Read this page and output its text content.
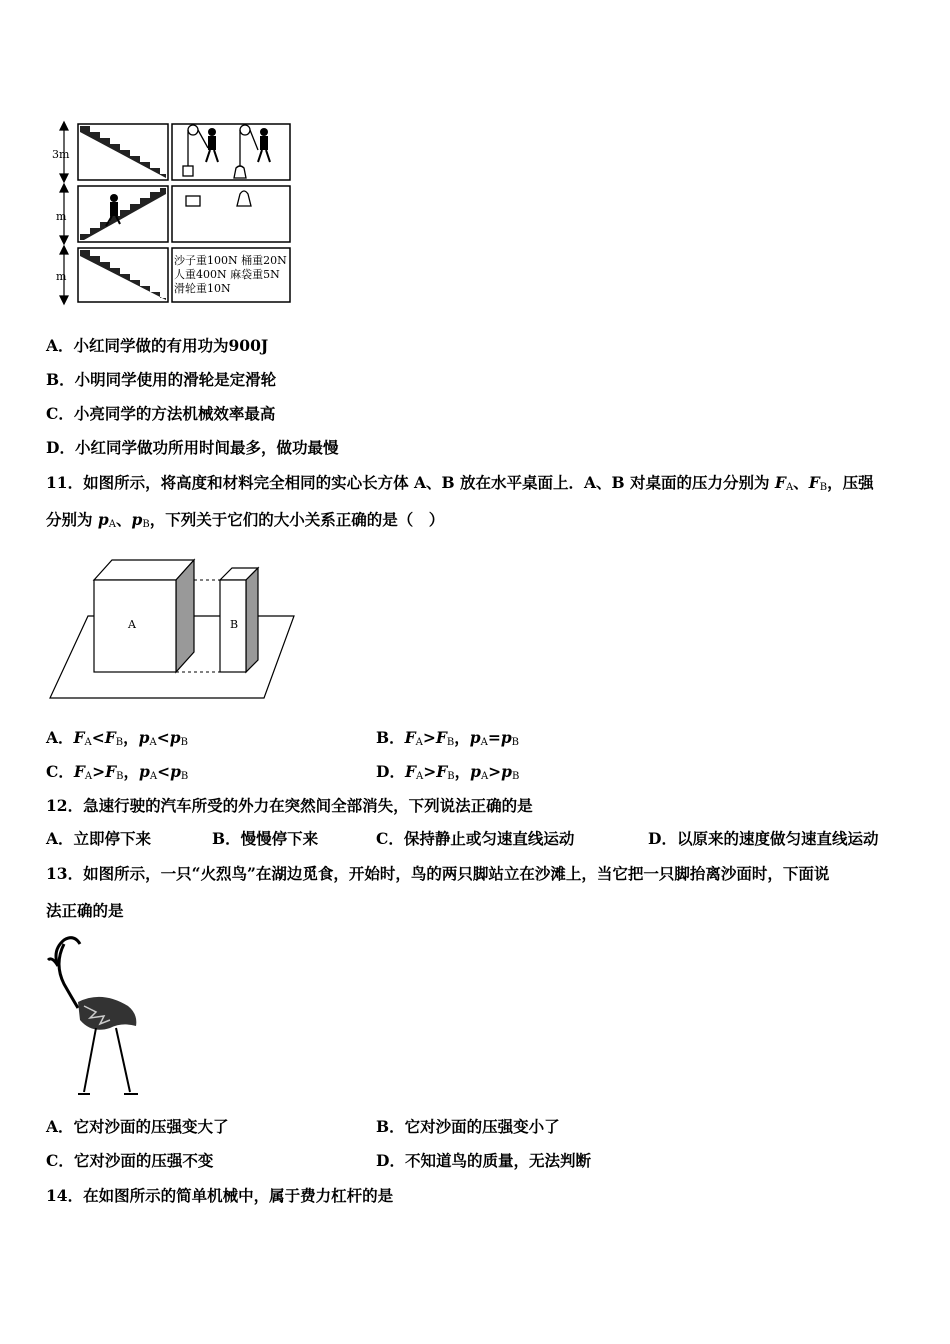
3m
m
m
沙子重100N 桶重20N
人重400N 麻袋重5N
滑轮重10N
A．小红同学做的有用功为900J
B．小明同学使用的滑轮是定滑轮
C．小亮同学的方法机械效率最高
D．小红同学做功所用时间最多，做功最慢
11．如图所示，将高度和材料完全相同的实心长方体 A、B 放在水平桌面上．A、B 对桌面的压力分别为 $F_A$、$F_B$，压强
分别为 $p_A$、$p_B$，下列关于它们的大小关系正确的是（　）
A	B
A．$F_A<F_B$，$p_A<p_B$	B．$F_A>F_B$，$p_A=p_B$
C．$F_A>F_B$，$p_A<p_B$	D．$F_A>F_B$，$p_A>p_B$
12．急速行驶的汽车所受的外力在突然间全部消失，下列说法正确的是
A．立即停下来	B．慢慢停下来	C．保持静止或匀速直线运动	D．以原来的速度做匀速直线运动
13．如图所示，一只“火烈鸟”在湖边觅食，开始时，鸟的两只脚站立在沙滩上，当它把一只脚抬离沙面时，下面说
法正确的是
A．它对沙面的压强变大了	B．它对沙面的压强变小了
C．它对沙面的压强不变	D．不知道鸟的质量，无法判断
14．在如图所示的简单机械中，属于费力杠杆的是
